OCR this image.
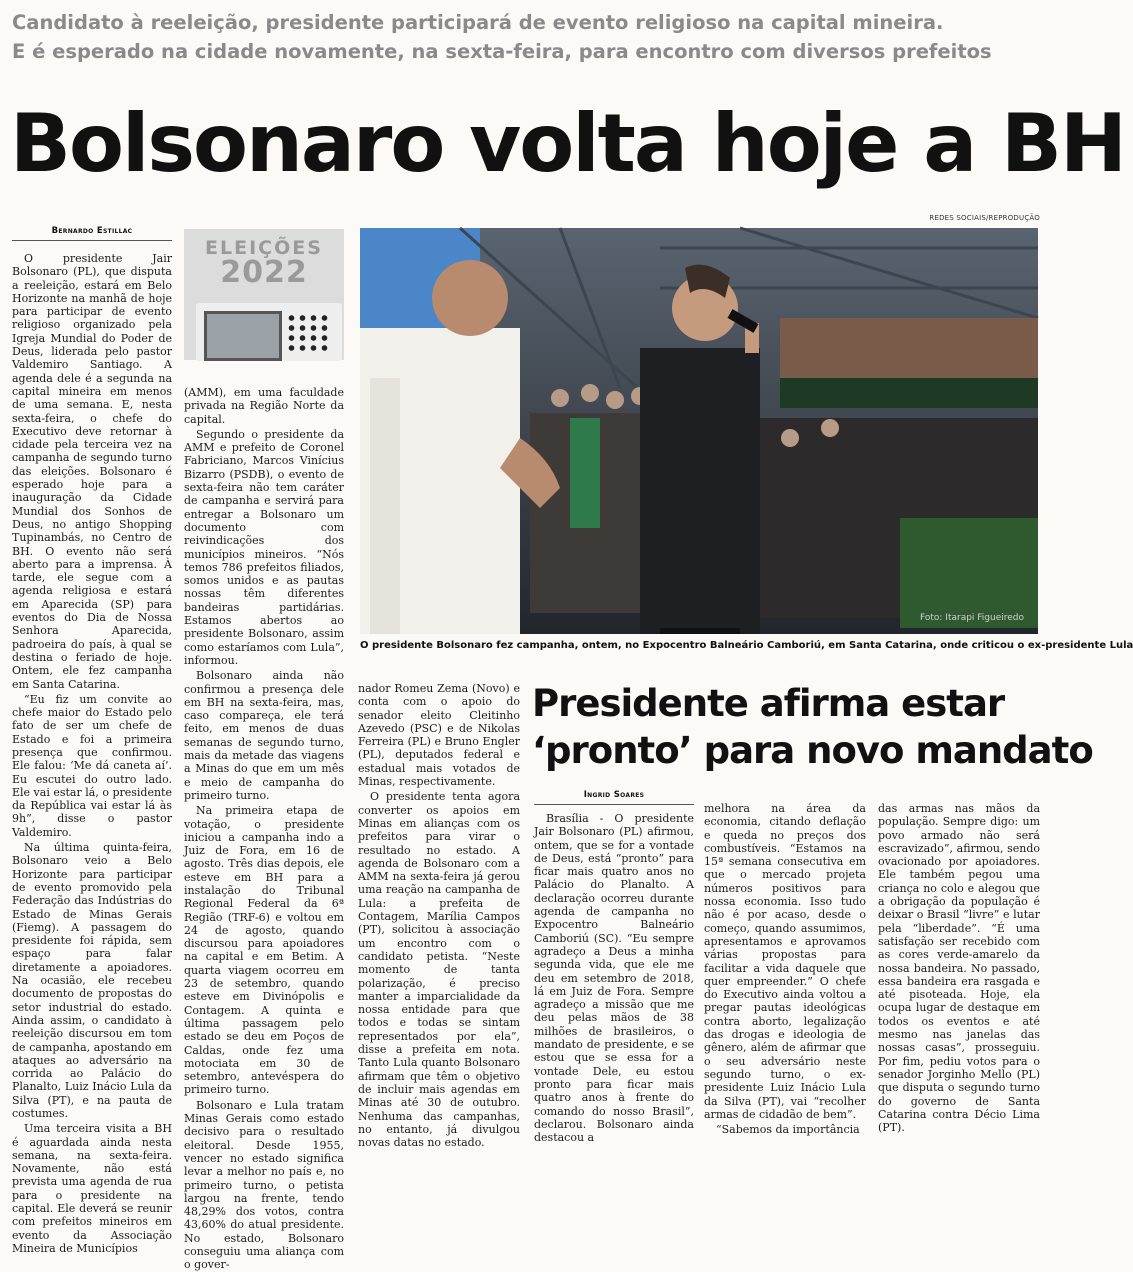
Candidato à reeleição, presidente participará de evento religioso na capital mineira.
E é esperado na cidade novamente, na sexta-feira, para encontro com diversos prefeitos
Bolsonaro volta hoje a BH
REDES SOCIAIS/REPRODUÇÃO
Bernardo Estillac

O presidente Jair Bolsonaro (PL), que disputa a reeleição, estará em Belo Horizonte na manhã de hoje para participar de evento religioso organizado pela Igreja Mundial do Poder de Deus, liderada pelo pastor Valdemiro Santiago. A agenda dele é a segunda na capital mineira em menos de uma semana. E, nesta sexta-feira, o chefe do Executivo deve retornar à cidade pela terceira vez na campanha de segundo turno das eleições. Bolsonaro é esperado hoje para a inauguração da Cidade Mundial dos Sonhos de Deus, no antigo Shopping Tupinambás, no Centro de BH. O evento não será aberto para a imprensa. À tarde, ele segue com a agenda religiosa e estará em Aparecida (SP) para eventos do Dia de Nossa Senhora Aparecida, padroeira do país, à qual se destina o feriado de hoje. Ontem, ele fez campanha em Santa Catarina.

“Eu fiz um convite ao chefe maior do Estado pelo fato de ser um chefe de Estado e foi a primeira presença que confirmou. Ele falou: ‘Me dá caneta aí’. Eu escutei do outro lado. Ele vai estar lá, o presidente da República vai estar lá às 9h”, disse o pastor Valdemiro.

Na última quinta-feira, Bolsonaro veio a Belo Horizonte para participar de evento promovido pela Federação das Indústrias do Estado de Minas Gerais (Fiemg). A passagem do presidente foi rápida, sem espaço para falar diretamente a apoiadores. Na ocasião, ele recebeu documento de propostas do setor industrial do estado. Ainda assim, o candidato à reeleição discursou em tom de campanha, apostando em ataques ao adversário na corrida ao Palácio do Planalto, Luiz Inácio Lula da Silva (PT), e na pauta de costumes.

Uma terceira visita a BH é aguardada ainda nesta semana, na sexta-feira. Novamente, não está prevista uma agenda de rua para o presidente na capital. Ele deverá se reunir com prefeitos mineiros em evento da Associação Mineira de Municípios

ELEIÇÕES
2022

(AMM), em uma faculdade privada na Região Norte da capital.

Segundo o presidente da AMM e prefeito de Coronel Fabriciano, Marcos Vinícius Bizarro (PSDB), o evento de sexta-feira não tem caráter de campanha e servirá para entregar a Bolsonaro um documento com reivindicações dos municípios mineiros. “Nós temos 786 prefeitos filiados, somos unidos e as pautas nossas têm diferentes bandeiras partidárias. Estamos abertos ao presidente Bolsonaro, assim como estaríamos com Lula”, informou.

Bolsonaro ainda não confirmou a presença dele em BH na sexta-feira, mas, caso compareça, ele terá feito, em menos de duas semanas de segundo turno, mais da metade das viagens a Minas do que em um mês e meio de campanha do primeiro turno.

Na primeira etapa de votação, o presidente iniciou a campanha indo a Juiz de Fora, em 16 de agosto. Três dias depois, ele esteve em BH para a instalação do Tribunal Regional Federal da 6ª Região (TRF-6) e voltou em 24 de agosto, quando discursou para apoiadores na capital e em Betim. A quarta viagem ocorreu em 23 de setembro, quando esteve em Divinópolis e Contagem. A quinta e última passagem pelo estado se deu em Poços de Caldas, onde fez uma motociata em 30 de setembro, antevéspera do primeiro turno.

Bolsonaro e Lula tratam Minas Gerais como estado decisivo para o resultado eleitoral. Desde 1955, vencer no estado significa levar a melhor no país e, no primeiro turno, o petista largou na frente, tendo 48,29% dos votos, contra 43,60% do atual presidente. No estado, Bolsonaro conseguiu uma aliança com o gover-

Foto: Itarapi Figueiredo
O presidente Bolsonaro fez campanha, ontem, no Expocentro Balneário Camboriú, em Santa Catarina, onde criticou o ex-presidente Lula

nador Romeu Zema (Novo) e conta com o apoio do senador eleito Cleitinho Azevedo (PSC) e de Nikolas Ferreira (PL) e Bruno Engler (PL), deputados federal e estadual mais votados de Minas, respectivamente.

O presidente tenta agora converter os apoios em Minas em alianças com os prefeitos para virar o resultado no estado. A agenda de Bolsonaro com a AMM na sexta-feira já gerou uma reação na campanha de Lula: a prefeita de Contagem, Marília Campos (PT), solicitou à associação um encontro com o candidato petista. “Neste momento de tanta polarização, é preciso manter a imparcialidade da nossa entidade para que todos e todas se sintam representados por ela”, disse a prefeita em nota. Tanto Lula quanto Bolsonaro afirmam que têm o objetivo de incluir mais agendas em Minas até 30 de outubro. Nenhuma das campanhas, no entanto, já divulgou novas datas no estado.

Presidente afirma estar
‘pronto’ para novo mandato
Ingrid Soares

Brasília - O presidente Jair Bolsonaro (PL) afirmou, ontem, que se for a vontade de Deus, está “pronto” para ficar mais quatro anos no Palácio do Planalto. A declaração ocorreu durante agenda de campanha no Expocentro Balneário Camboriú (SC). “Eu sempre agradeço a Deus a minha segunda vida, que ele me deu em setembro de 2018, lá em Juiz de Fora. Sempre agradeço a missão que me deu pelas mãos de 38 milhões de brasileiros, o mandato de presidente, e se estou que se essa for a vontade Dele, eu estou pronto para ficar mais quatro anos à frente do comando do nosso Brasil”, declarou. Bolsonaro ainda destacou a

melhora na área da economia, citando deflação e queda no preços dos combustíveis. “Estamos na 15ª semana consecutiva em que o mercado projeta números positivos para nossa economia. Isso tudo não é por acaso, desde o começo, quando assumimos, apresentamos e aprovamos várias propostas para facilitar a vida daquele que quer empreender.” O chefe do Executivo ainda voltou a pregar pautas ideológicas contra aborto, legalização das drogas e ideologia de gênero, além de afirmar que o seu adversário neste segundo turno, o ex-presidente Luiz Inácio Lula da Silva (PT), vai “recolher armas de cidadão de bem”.

“Sabemos da importância

das armas nas mãos da população. Sempre digo: um povo armado não será escravizado”, afirmou, sendo ovacionado por apoiadores. Ele também pegou uma criança no colo e alegou que a obrigação da população é deixar o Brasil “livre” e lutar pela “liberdade”. “É uma satisfação ser recebido com as cores verde-amarelo da nossa bandeira. No passado, essa bandeira era rasgada e até pisoteada. Hoje, ela ocupa lugar de destaque em todos os eventos e até mesmo nas janelas das nossas casas”, prosseguiu. Por fim, pediu votos para o senador Jorginho Mello (PL) que disputa o segundo turno do governo de Santa Catarina contra Décio Lima (PT).
